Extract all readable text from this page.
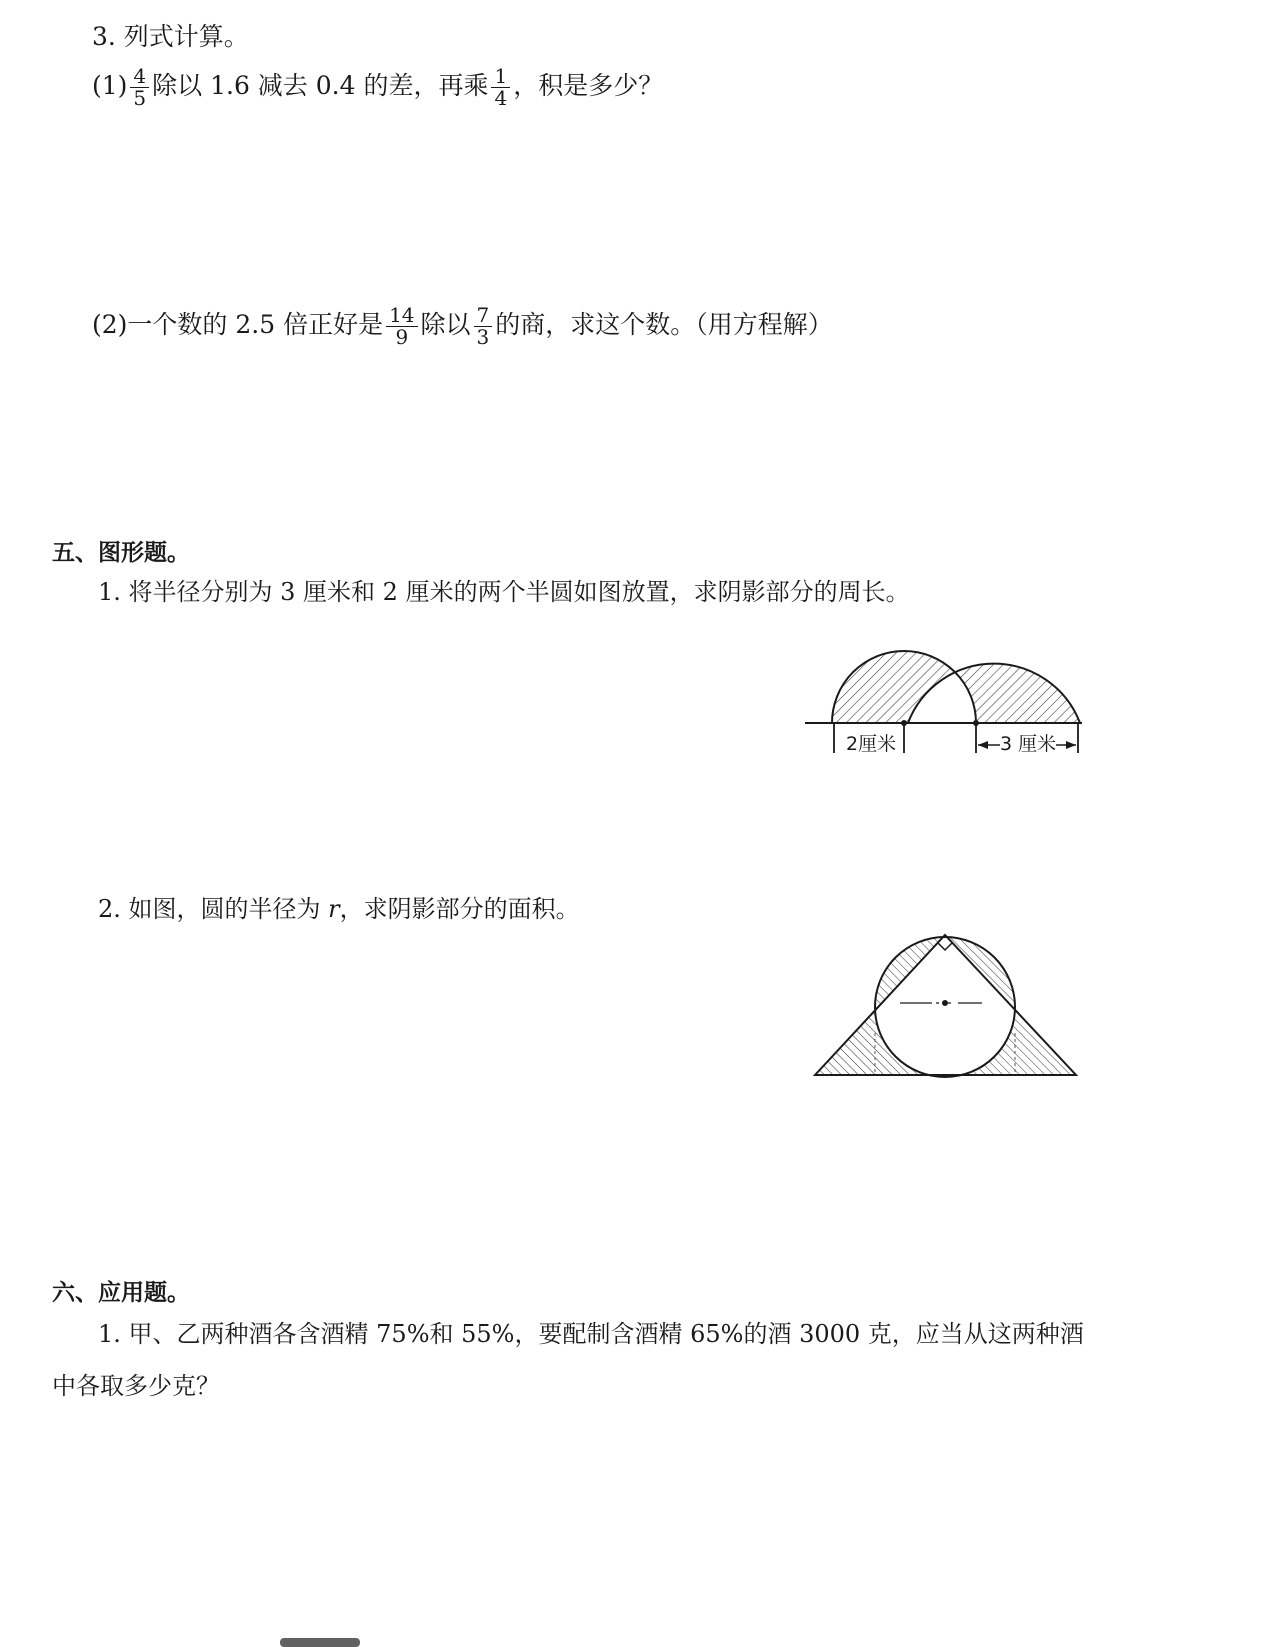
3. 列式计算。
$(1) \frac{4}{5}$ 除以 1.6 减去 0.4 的差，再乘 $\frac{1}{4}$ ，积是多少？
(2)一个数的 2.5 倍正好是 $\frac{14}{9}$ 除以 $\frac{7}{3}$ 的商，求这个数。（用方程解）
五、图形题。
1. 将半径分别为 3 厘米和 2 厘米的两个半圆如图放置，求阴影部分的周长。
2厘米	3 厘米
2. 如图，圆的半径为 r，求阴影部分的面积。
六、应用题。
1. 甲、乙两种酒各含酒精 75%和 55%，要配制含酒精 65%的酒 3000 克，应当从这两种酒
中各取多少克？
